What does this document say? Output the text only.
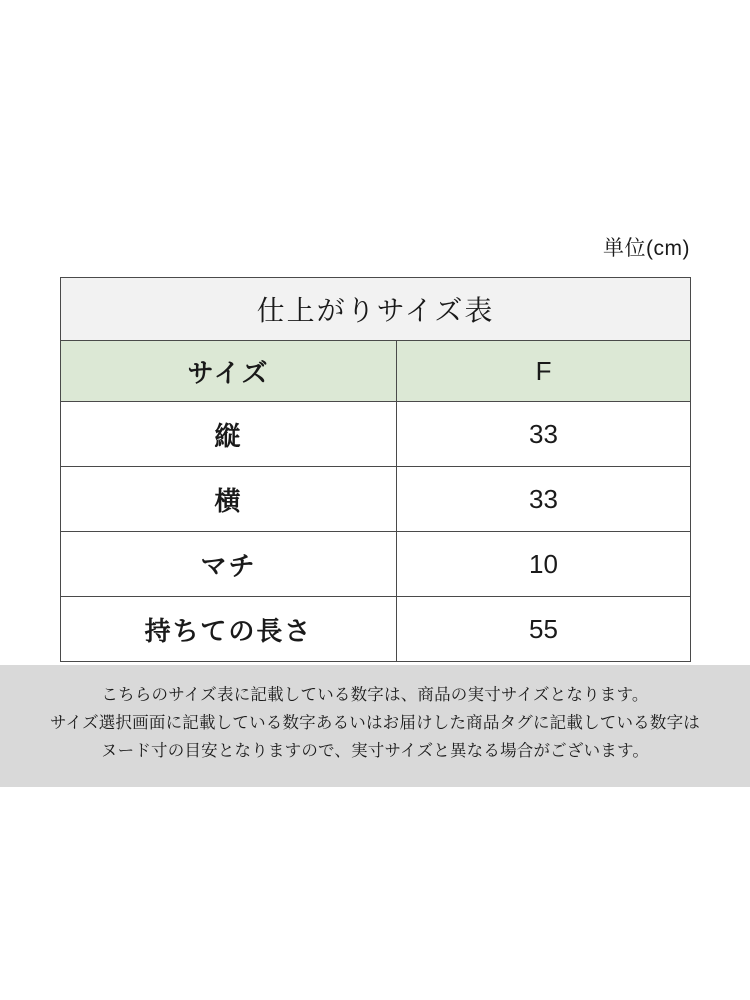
単位(cm)
仕上がりサイズ表	
サイズ	F
縦	33
横	33
マチ	10
持ちての長さ	55
こちらのサイズ表に記載している数字は、商品の実寸サイズとなります。
サイズ選択画面に記載している数字あるいはお届けした商品タグに記載している数字は
ヌード寸の目安となりますので、実寸サイズと異なる場合がございます。
